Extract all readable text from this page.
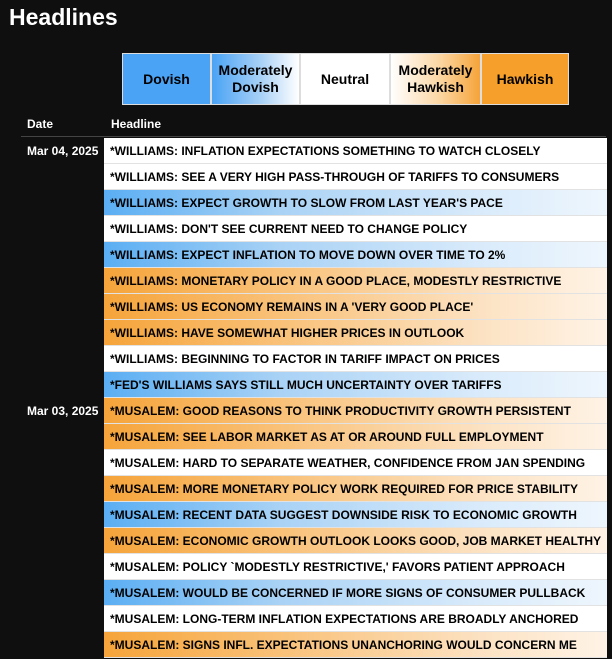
Headlines
Dovish
Moderately Dovish
Neutral
Moderately Hawkish
Hawkish
Date	Headline
Mar 04, 2025
Mar 03, 2025
*WILLIAMS: INFLATION EXPECTATIONS SOMETHING TO WATCH CLOSELY
*WILLIAMS: SEE A VERY HIGH PASS-THROUGH OF TARIFFS TO CONSUMERS
*WILLIAMS: EXPECT GROWTH TO SLOW FROM LAST YEAR'S PACE
*WILLIAMS: DON'T SEE CURRENT NEED TO CHANGE POLICY
*WILLIAMS: EXPECT INFLATION TO MOVE DOWN OVER TIME TO 2%
*WILLIAMS: MONETARY POLICY IN A GOOD PLACE, MODESTLY RESTRICTIVE
*WILLIAMS: US ECONOMY REMAINS IN A 'VERY GOOD PLACE'
*WILLIAMS: HAVE SOMEWHAT HIGHER PRICES IN OUTLOOK
*WILLIAMS: BEGINNING TO FACTOR IN TARIFF IMPACT ON PRICES
*FED'S WILLIAMS SAYS STILL MUCH UNCERTAINTY OVER TARIFFS
*MUSALEM: GOOD REASONS TO THINK PRODUCTIVITY GROWTH PERSISTENT
*MUSALEM: SEE LABOR MARKET AS AT OR AROUND FULL EMPLOYMENT
*MUSALEM: HARD TO SEPARATE WEATHER, CONFIDENCE FROM JAN SPENDING
*MUSALEM: MORE MONETARY POLICY WORK REQUIRED FOR PRICE STABILITY
*MUSALEM: RECENT DATA SUGGEST DOWNSIDE RISK TO ECONOMIC GROWTH
*MUSALEM: ECONOMIC GROWTH OUTLOOK LOOKS GOOD, JOB MARKET HEALTHY
*MUSALEM: POLICY `MODESTLY RESTRICTIVE,' FAVORS PATIENT APPROACH
*MUSALEM: WOULD BE CONCERNED IF MORE SIGNS OF CONSUMER PULLBACK
*MUSALEM: LONG-TERM INFLATION EXPECTATIONS ARE BROADLY ANCHORED
*MUSALEM: SIGNS INFL. EXPECTATIONS UNANCHORING WOULD CONCERN ME
